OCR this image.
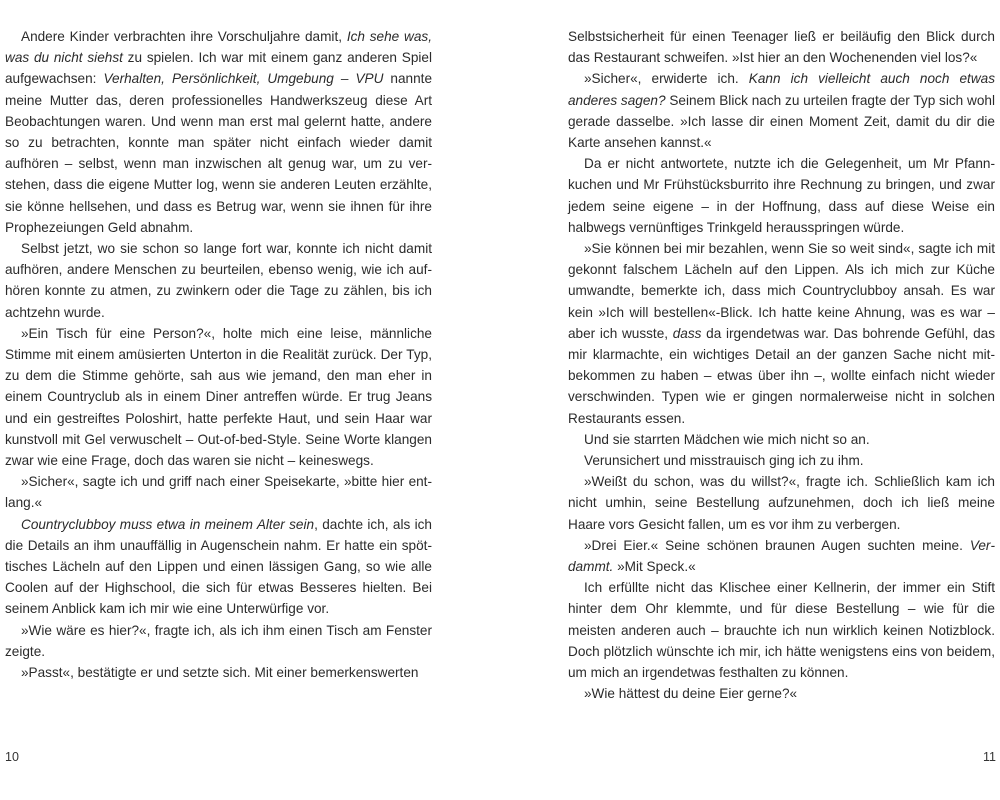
Andere Kinder verbrachten ihre Vorschuljahre damit, Ich sehe was, was du nicht siehst zu spielen. Ich war mit einem ganz anderen Spiel aufgewachsen: Verhalten, Persönlichkeit, Umgebung – VPU nannte meine Mutter das, deren professionelles Handwerkszeug diese Art Beobachtungen waren. Und wenn man erst mal gelernt hatte, andere so zu betrachten, konnte man später nicht einfach wieder damit aufhören – selbst, wenn man inzwischen alt genug war, um zu verstehen, dass die eigene Mutter log, wenn sie anderen Leuten erzählte, sie könne hellsehen, und dass es Betrug war, wenn sie ihnen für ihre Prophezeiungen Geld abnahm.

Selbst jetzt, wo sie schon so lange fort war, konnte ich nicht damit aufhören, andere Menschen zu beurteilen, ebenso wenig, wie ich aufhören konnte zu atmen, zu zwinkern oder die Tage zu zählen, bis ich achtzehn wurde.

»Ein Tisch für eine Person?«, holte mich eine leise, männliche Stimme mit einem amüsierten Unterton in die Realität zurück. Der Typ, zu dem die Stimme gehörte, sah aus wie jemand, den man eher in einem Countryclub als in einem Diner antreffen würde. Er trug Jeans und ein gestreiftes Poloshirt, hatte perfekte Haut, und sein Haar war kunstvoll mit Gel verwuschelt – Out-of-bed-Style. Seine Worte klangen zwar wie eine Frage, doch das waren sie nicht – keineswegs.

»Sicher«, sagte ich und griff nach einer Speisekarte, »bitte hier entlang.«

Countryclubboy muss etwa in meinem Alter sein, dachte ich, als ich die Details an ihm unauffällig in Augenschein nahm. Er hatte ein spöttisches Lächeln auf den Lippen und einen lässigen Gang, so wie alle Coolen auf der Highschool, die sich für etwas Besseres hielten. Bei seinem Anblick kam ich mir wie eine Unterwürfige vor.

»Wie wäre es hier?«, fragte ich, als ich ihm einen Tisch am Fenster zeigte.

»Passt«, bestätigte er und setzte sich. Mit einer bemerkenswerten

Selbstsicherheit für einen Teenager ließ er beiläufig den Blick durch das Restaurant schweifen. »Ist hier an den Wochenenden viel los?«

»Sicher«, erwiderte ich. Kann ich vielleicht auch noch etwas anderes sagen? Seinem Blick nach zu urteilen fragte der Typ sich wohl gerade dasselbe. »Ich lasse dir einen Moment Zeit, damit du dir die Karte ansehen kannst.«

Da er nicht antwortete, nutzte ich die Gelegenheit, um Mr Pfannkuchen und Mr Frühstücksburrito ihre Rechnung zu bringen, und zwar jedem seine eigene – in der Hoffnung, dass auf diese Weise ein halbwegs vernünftiges Trinkgeld herausspringen würde.

»Sie können bei mir bezahlen, wenn Sie so weit sind«, sagte ich mit gekonnt falschem Lächeln auf den Lippen. Als ich mich zur Küche umwandte, bemerkte ich, dass mich Countryclubboy ansah. Es war kein »Ich will bestellen«-Blick. Ich hatte keine Ahnung, was es war – aber ich wusste, dass da irgendetwas war. Das bohrende Gefühl, das mir klarmachte, ein wichtiges Detail an der ganzen Sache nicht mitbekommen zu haben – etwas über ihn –, wollte einfach nicht wieder verschwinden. Typen wie er gingen normalerweise nicht in solchen Restaurants essen.

Und sie starrten Mädchen wie mich nicht so an.

Verunsichert und misstrauisch ging ich zu ihm.

»Weißt du schon, was du willst?«, fragte ich. Schließlich kam ich nicht umhin, seine Bestellung aufzunehmen, doch ich ließ meine Haare vors Gesicht fallen, um es vor ihm zu verbergen.

»Drei Eier.« Seine schönen braunen Augen suchten meine. Verdammt. »Mit Speck.«

Ich erfüllte nicht das Klischee einer Kellnerin, der immer ein Stift hinter dem Ohr klemmte, und für diese Bestellung – wie für die meisten anderen auch – brauchte ich nun wirklich keinen Notizblock. Doch plötzlich wünschte ich mir, ich hätte wenigstens eins von beidem, um mich an irgendetwas festhalten zu können.

»Wie hättest du deine Eier gerne?«

10	11
